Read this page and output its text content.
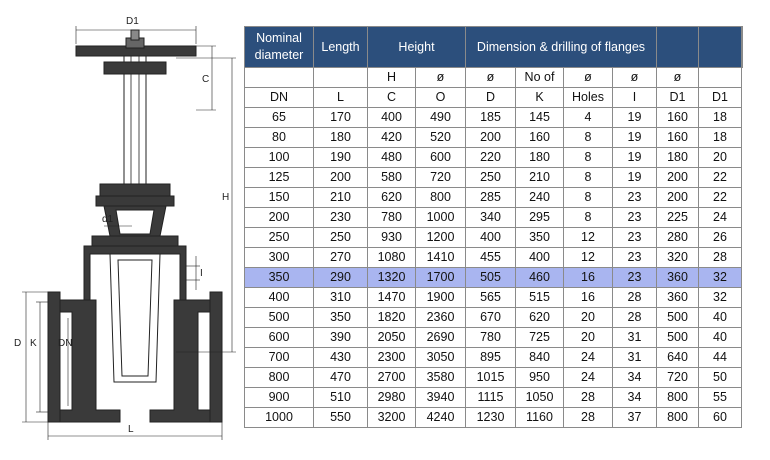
D1
C
H
d1
I
D K DN
L
Nominal diameter	Length	Height		Dimension & drilling of flanges						
		H	ø	ø	No of	ø	ø	ø		
DN	L	C	O	D	K	Holes	I	D1	D1	
65	170	400	490	185	145	4	19	160	18	
80	180	420	520	200	160	8	19	160	18	
100	190	480	600	220	180	8	19	180	20	
125	200	580	720	250	210	8	19	200	22	
150	210	620	800	285	240	8	23	200	22	
200	230	780	1000	340	295	8	23	225	24	
250	250	930	1200	400	350	12	23	280	26	
300	270	1080	1410	455	400	12	23	320	28	
350	290	1320	1700	505	460	16	23	360	32	
400	310	1470	1900	565	515	16	28	360	32	
500	350	1820	2360	670	620	20	28	500	40	
600	390	2050	2690	780	725	20	31	500	40	
700	430	2300	3050	895	840	24	31	640	44	
800	470	2700	3580	1015	950	24	34	720	50	
900	510	2980	3940	1115	1050	28	34	800	55	
1000	550	3200	4240	1230	1160	28	37	800	60	
